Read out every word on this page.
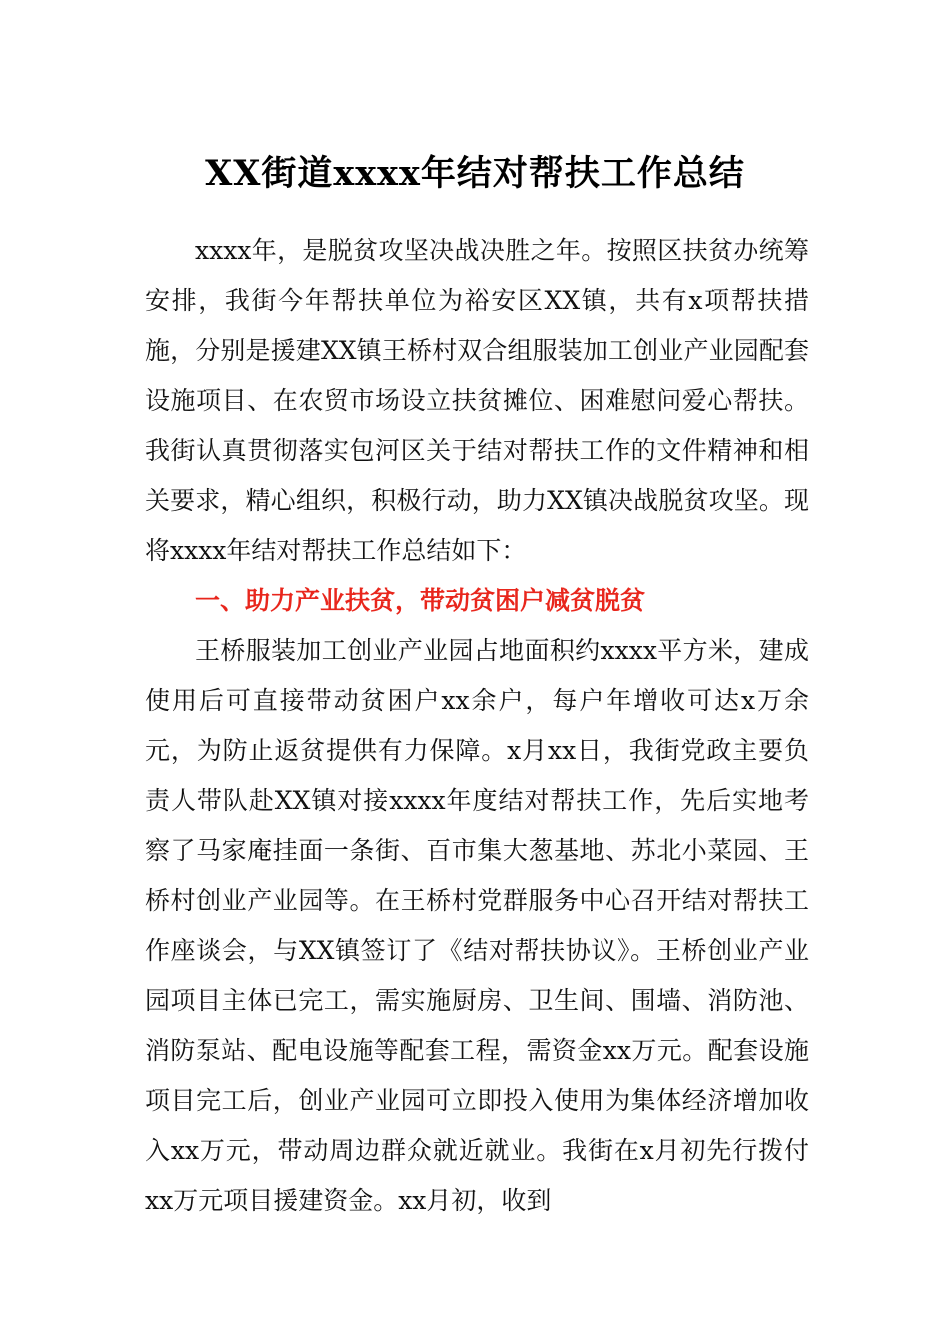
XX街道xxxx年结对帮扶工作总结

xxxx年，是脱贫攻坚决战决胜之年。按照区扶贫办统筹安排，我街今年帮扶单位为裕安区XX镇，共有x项帮扶措施，分别是援建XX镇王桥村双合组服装加工创业产业园配套设施项目、在农贸市场设立扶贫摊位、困难慰问爱心帮扶。我街认真贯彻落实包河区关于结对帮扶工作的文件精神和相关要求，精心组织，积极行动，助力XX镇决战脱贫攻坚。现将xxxx年结对帮扶工作总结如下：

一、助力产业扶贫，带动贫困户减贫脱贫

王桥服装加工创业产业园占地面积约xxxx平方米，建成使用后可直接带动贫困户xx余户，每户年增收可达x万余元，为防止返贫提供有力保障。x月xx日，我街党政主要负责人带队赴XX镇对接xxxx年度结对帮扶工作，先后实地考察了马家庵挂面一条街、百市集大葱基地、苏北小菜园、王桥村创业产业园等。在王桥村党群服务中心召开结对帮扶工作座谈会，与XX镇签订了《结对帮扶协议》。王桥创业产业园项目主体已完工，需实施厨房、卫生间、围墙、消防池、消防泵站、配电设施等配套工程，需资金xx万元。配套设施项目完工后，创业产业园可立即投入使用为集体经济增加收入xx万元，带动周边群众就近就业。我街在x月初先行拨付xx万元项目援建资金。xx月初，收到
